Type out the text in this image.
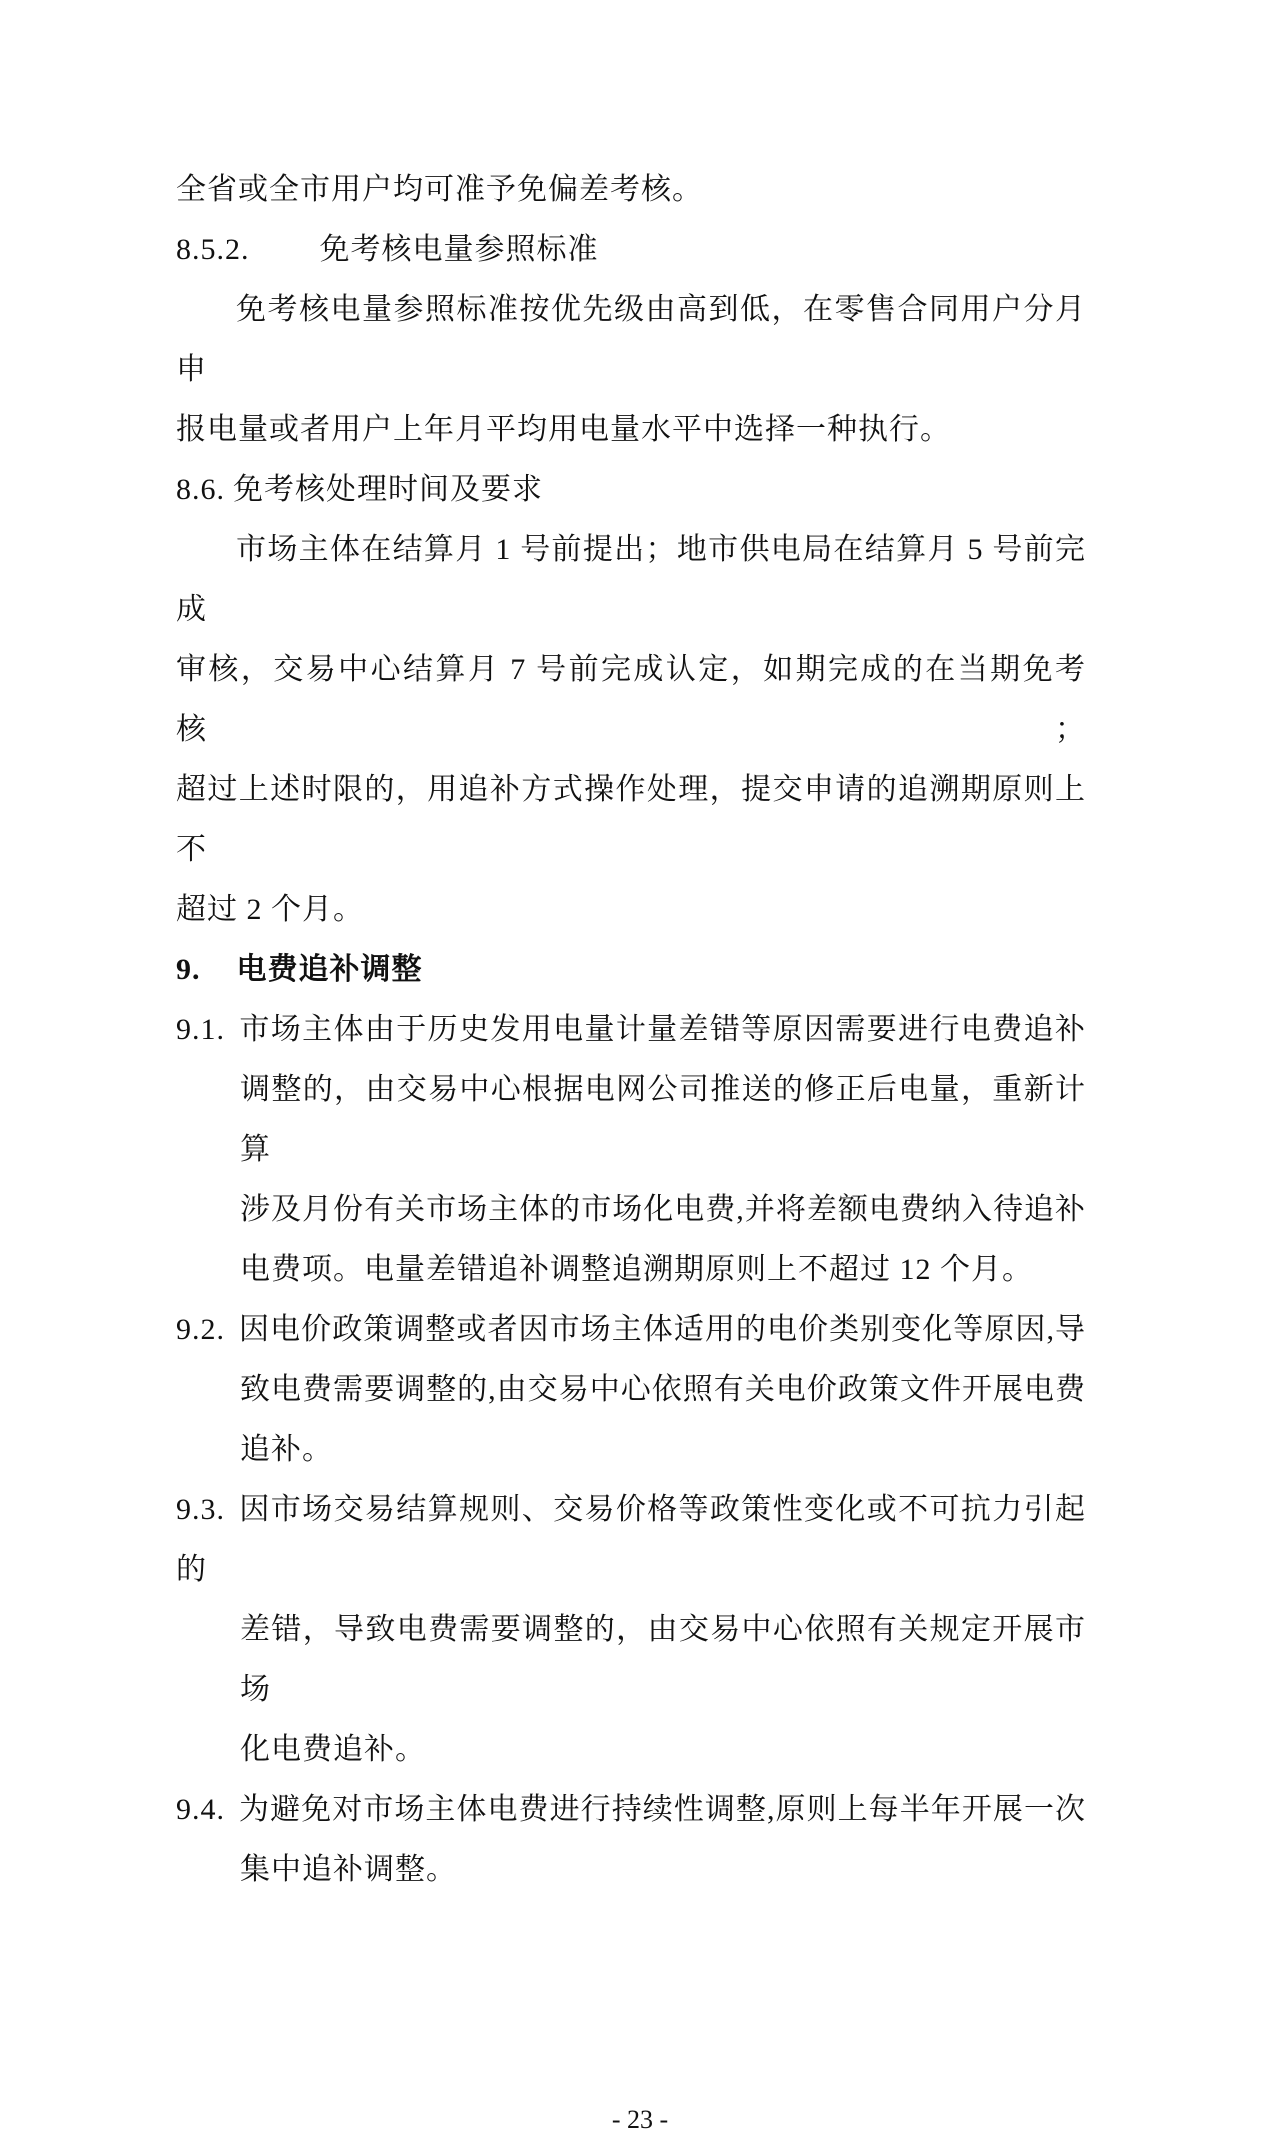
全省或全市用户均可准予免偏差考核。
8.5.2. 免考核电量参照标准
免考核电量参照标准按优先级由高到低，在零售合同用户分月申
报电量或者用户上年月平均用电量水平中选择一种执行。
8.6. 免考核处理时间及要求
市场主体在结算月 1 号前提出；地市供电局在结算月 5 号前完成
审核，交易中心结算月 7 号前完成认定，如期完成的在当期免考核；
超过上述时限的，用追补方式操作处理，提交申请的追溯期原则上不
超过 2 个月。
9. 电费追补调整
9.1. 市场主体由于历史发用电量计量差错等原因需要进行电费追补
调整的，由交易中心根据电网公司推送的修正后电量，重新计算
涉及月份有关市场主体的市场化电费,并将差额电费纳入待追补
电费项。电量差错追补调整追溯期原则上不超过 12 个月。
9.2. 因电价政策调整或者因市场主体适用的电价类别变化等原因,导
致电费需要调整的,由交易中心依照有关电价政策文件开展电费
追补。
9.3. 因市场交易结算规则、交易价格等政策性变化或不可抗力引起的
差错，导致电费需要调整的，由交易中心依照有关规定开展市场
化电费追补。
9.4. 为避免对市场主体电费进行持续性调整,原则上每半年开展一次
集中追补调整。
- 23 -
